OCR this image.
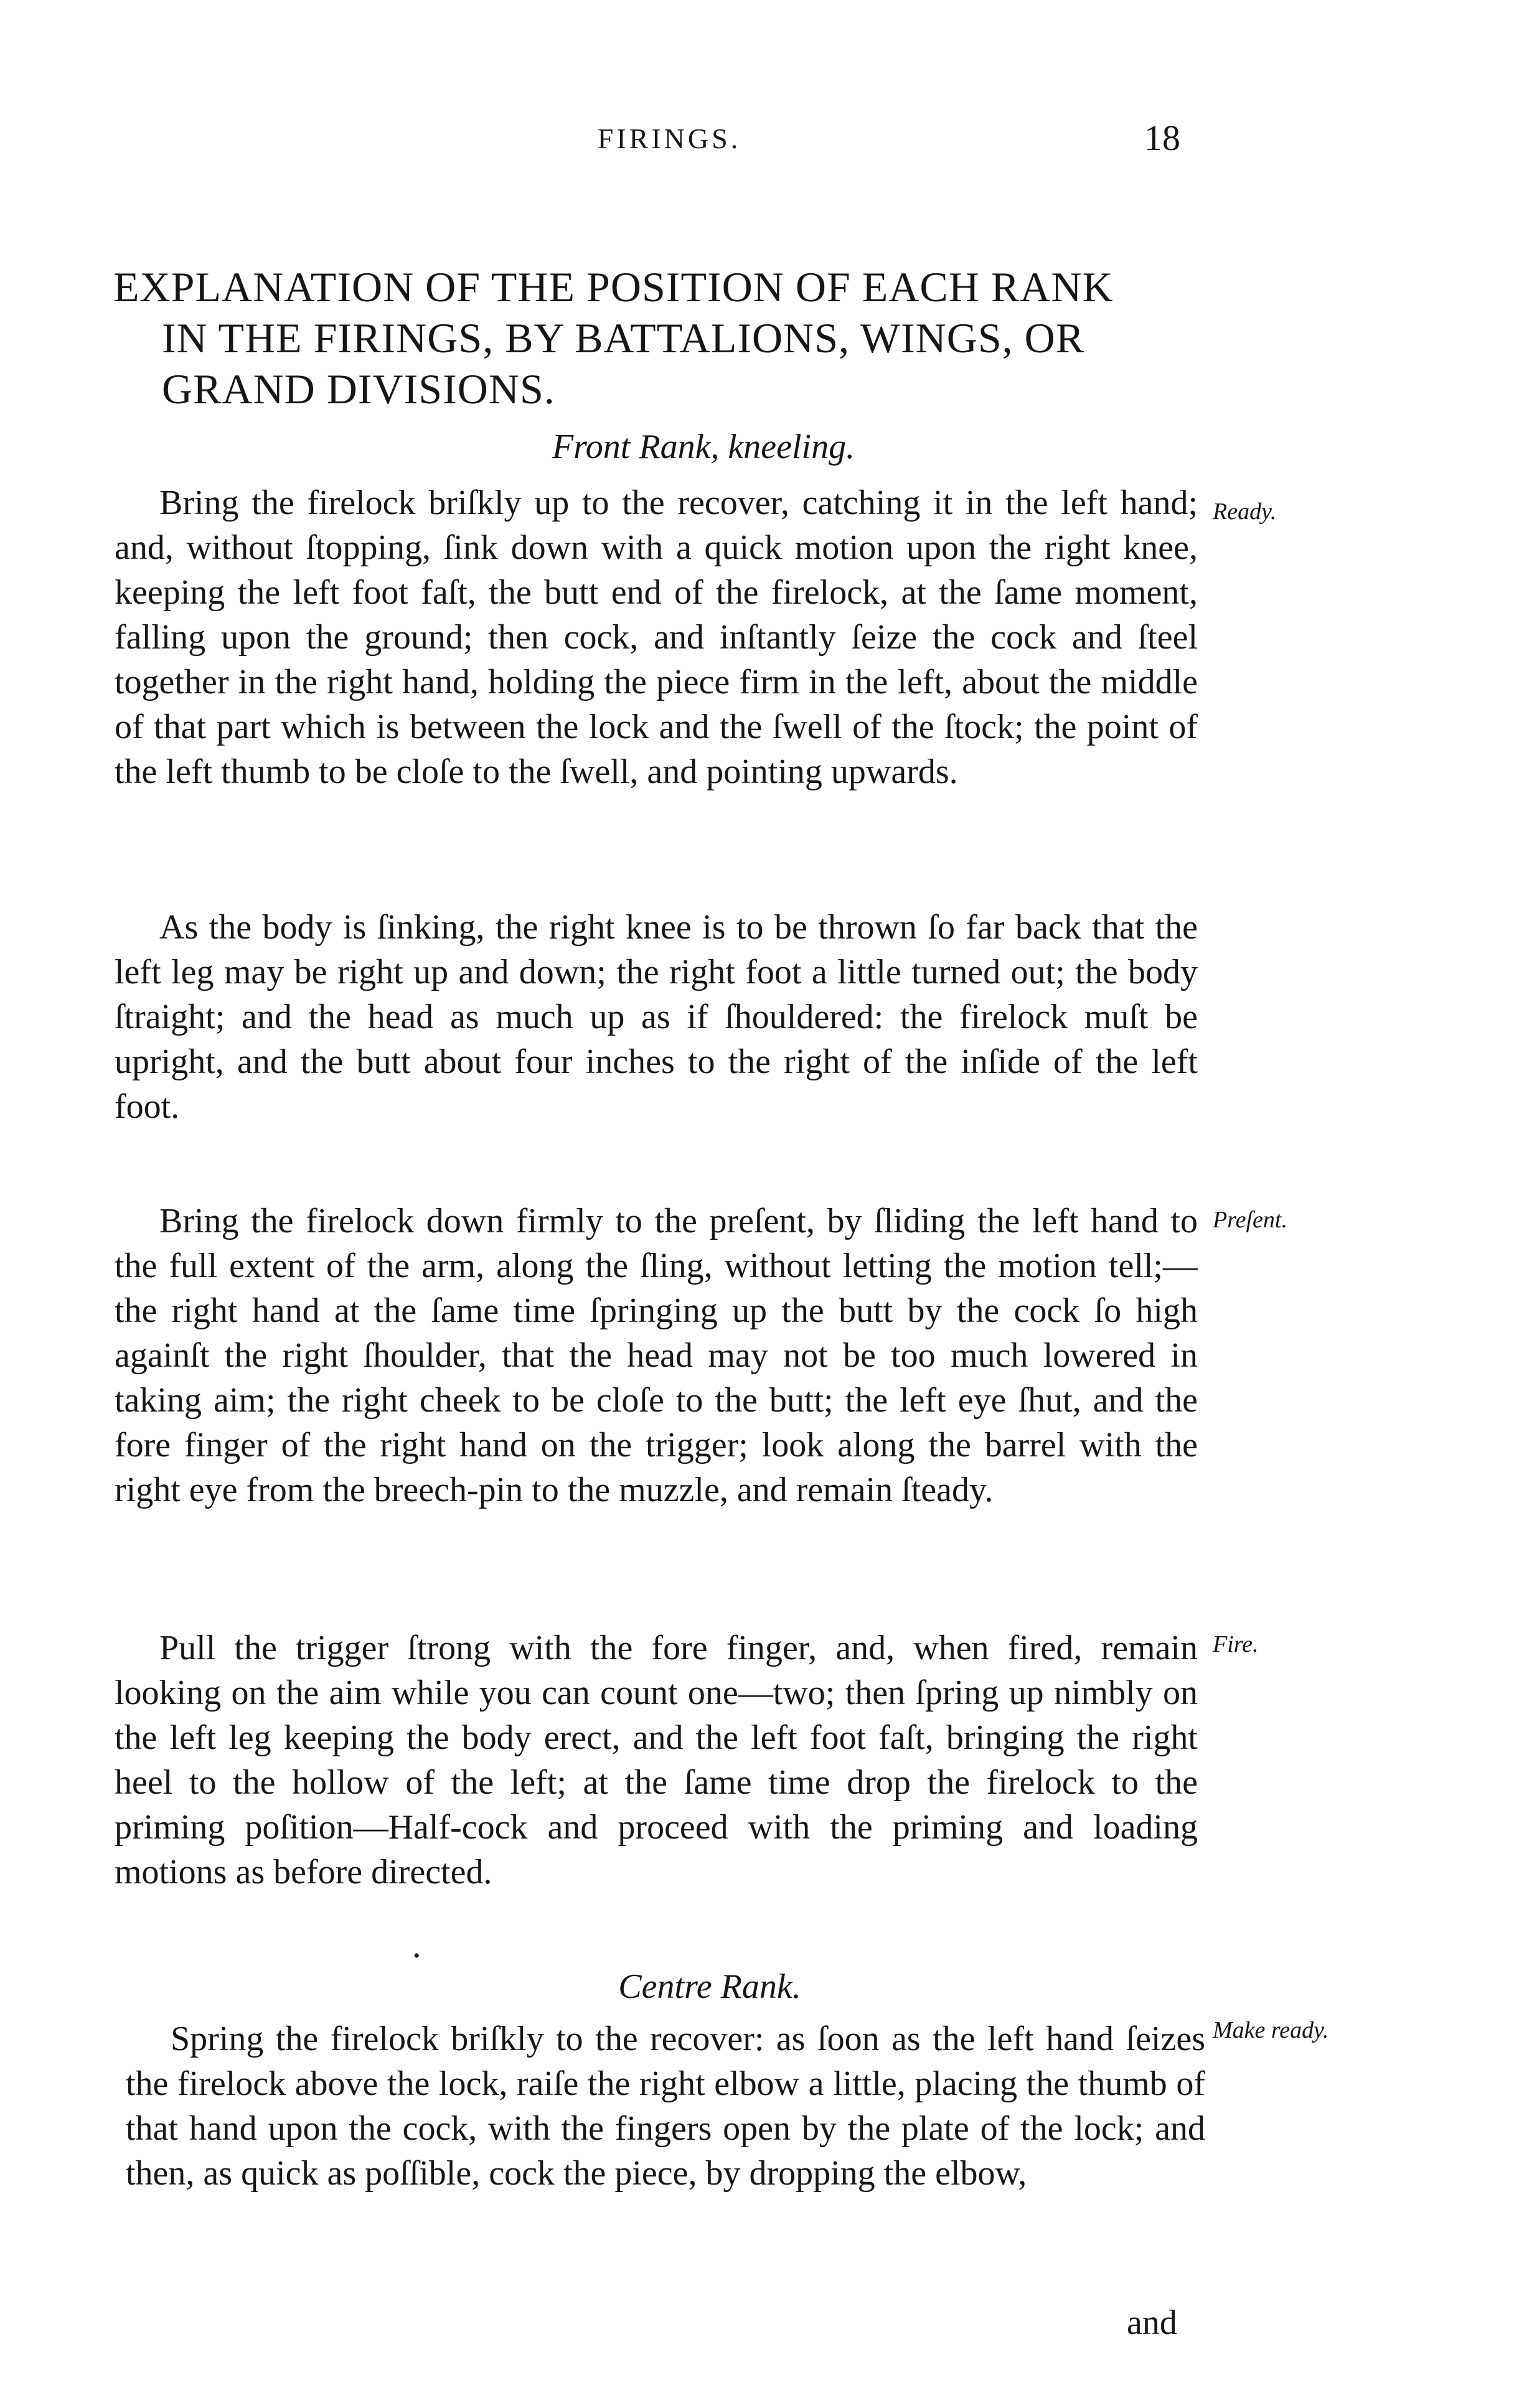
FIRINGS.	18
EXPLANATION OF THE POSITION OF EACH RANK
IN THE FIRINGS, BY BATTALIONS, WINGS, OR
GRAND DIVISIONS.
Front Rank, kneeling.

Bring the firelock briſkly up to the recover, catching it in the left hand; and, without ſtopping, ſink down with a quick motion upon the right knee, keeping the left foot faſt, the butt end of the firelock, at the ſame moment, falling upon the ground; then cock, and inſtantly ſeize the cock and ſteel together in the right hand, holding the piece firm in the left, about the middle of that part which is between the lock and the ſwell of the ſtock; the point of the left thumb to be cloſe to the ſwell, and pointing upwards.

As the body is ſinking, the right knee is to be thrown ſo far back that the left leg may be right up and down; the right foot a little turned out; the body ſtraight; and the head as much up as if ſhouldered: the firelock muſt be upright, and the butt about four inches to the right of the inſide of the left foot.

Bring the firelock down firmly to the preſent, by ſliding the left hand to the full extent of the arm, along the ſling, without letting the motion tell;—the right hand at the ſame time ſpringing up the butt by the cock ſo high againſt the right ſhoulder, that the head may not be too much lowered in taking aim; the right cheek to be cloſe to the butt; the left eye ſhut, and the fore finger of the right hand on the trigger; look along the barrel with the right eye from the breech-pin to the muzzle, and remain ſteady.

Pull the trigger ſtrong with the fore finger, and, when fired, remain looking on the aim while you can count one—two; then ſpring up nimbly on the left leg keeping the body erect, and the left foot faſt, bringing the right heel to the hollow of the left; at the ſame time drop the firelock to the priming poſition—Half-cock and proceed with the priming and loading motions as before directed.

•
Centre Rank.

Spring the firelock briſkly to the recover: as ſoon as the left hand ſeizes the firelock above the lock, raiſe the right elbow a little, placing the thumb of that hand upon the cock, with the fingers open by the plate of the lock; and then, as quick as poſſible, cock the piece, by dropping the elbow,

Ready.
Preſent.
Fire.
Make ready.
and
